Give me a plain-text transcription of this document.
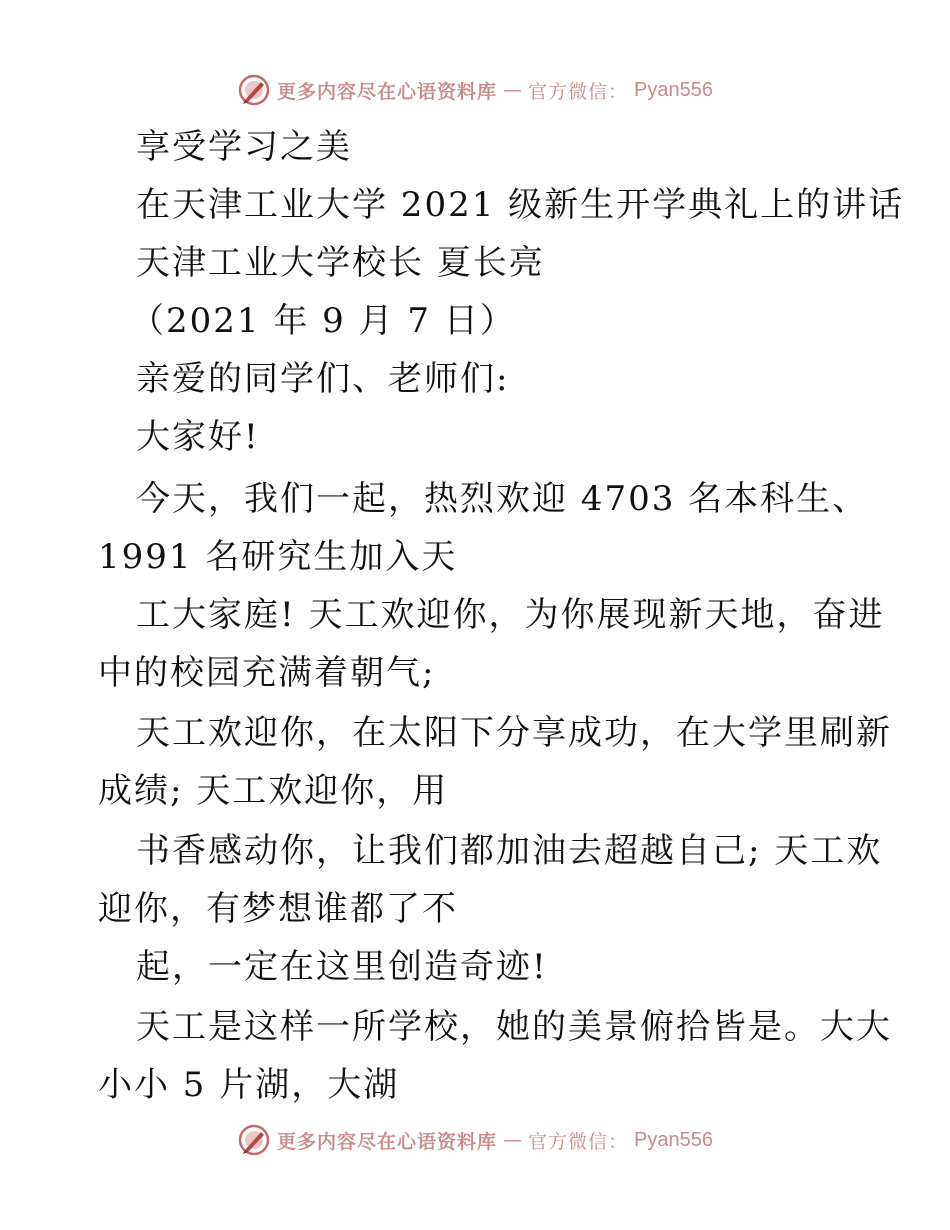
更多内容尽在心语资料库 — 官方微信： Pyan556
享受学习之美
在天津工业大学 2021 级新生开学典礼上的讲话
天津工业大学校长 夏长亮
（2021 年 9 月 7 日）
亲爱的同学们、老师们:
大家好!
今天，我们一起，热烈欢迎 4703 名本科生、
1991 名研究生加入天
工大家庭! 天工欢迎你，为你展现新天地，奋进
中的校园充满着朝气;
天工欢迎你，在太阳下分享成功，在大学里刷新
成绩; 天工欢迎你，用
书香感动你，让我们都加油去超越自己; 天工欢
迎你，有梦想谁都了不
起，一定在这里创造奇迹!
天工是这样一所学校，她的美景俯拾皆是。大大
小小 5 片湖，大湖
更多内容尽在心语资料库 — 官方微信： Pyan556
